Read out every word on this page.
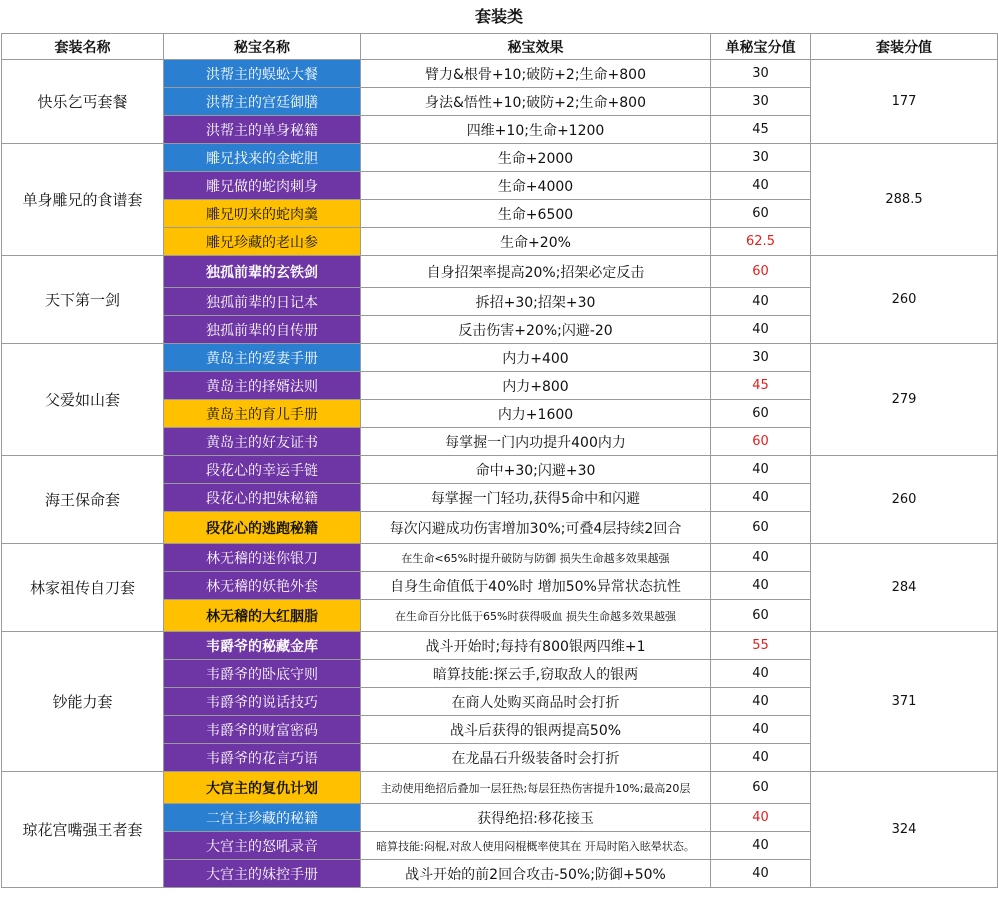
套装类
套装名称	秘宝名称	秘宝效果	单秘宝分值	套装分值
快乐乞丐套餐	洪帮主的蜈蚣大餐	臂力&根骨+10;破防+2;生命+800	30	177
	洪帮主的宫廷御膳	身法&悟性+10;破防+2;生命+800	30	
	洪帮主的单身秘籍	四维+10;生命+1200	45	
单身雕兄的食谱套	雕兄找来的金蛇胆	生命+2000	30	288.5
	雕兄做的蛇肉刺身	生命+4000	40	
	雕兄叨来的蛇肉羹	生命+6500	60	
	雕兄珍藏的老山参	生命+20%	62.5	
天下第一剑	独孤前辈的玄铁剑	自身招架率提高20%;招架必定反击	60	260
	独孤前辈的日记本	拆招+30;招架+30	40	
	独孤前辈的自传册	反击伤害+20%;闪避-20	40	
父爱如山套	黄岛主的爱妻手册	内力+400	30	279
	黄岛主的择婿法则	内力+800	45	
	黄岛主的育儿手册	内力+1600	60	
	黄岛主的好友证书	每掌握一门内功提升400内力	60	
海王保命套	段花心的幸运手链	命中+30;闪避+30	40	260
	段花心的把妹秘籍	每掌握一门轻功,获得5命中和闪避	40	
	段花心的逃跑秘籍	每次闪避成功伤害增加30%;可叠4层持续2回合	60	
林家祖传自刀套	林无稽的迷你银刀	在生命<65%时提升破防与防御 损失生命越多效果越强	40	284
	林无稽的妖艳外套	自身生命值低于40%时 增加50%异常状态抗性	40	
	林无稽的大红胭脂	在生命百分比低于65%时获得吸血 损失生命越多效果越强	60	
钞能力套	韦爵爷的秘藏金库	战斗开始时;每持有800银两四维+1	55	371
	韦爵爷的卧底守则	暗算技能:探云手,窃取敌人的银两	40	
	韦爵爷的说话技巧	在商人处购买商品时会打折	40	
	韦爵爷的财富密码	战斗后获得的银两提高50%	40	
	韦爵爷的花言巧语	在龙晶石升级装备时会打折	40	
琼花宫嘴强王者套	大宫主的复仇计划	主动使用绝招后叠加一层狂热;每层狂热伤害提升10%;最高20层	60	324
	二宫主珍藏的秘籍	获得绝招:移花接玉	40	
	大宫主的怒吼录音	暗算技能:闷棍,对敌人使用闷棍概率使其在 开局时陷入眩晕状态。	40	
	大宫主的妹控手册	战斗开始的前2回合攻击-50%;防御+50%	40	
